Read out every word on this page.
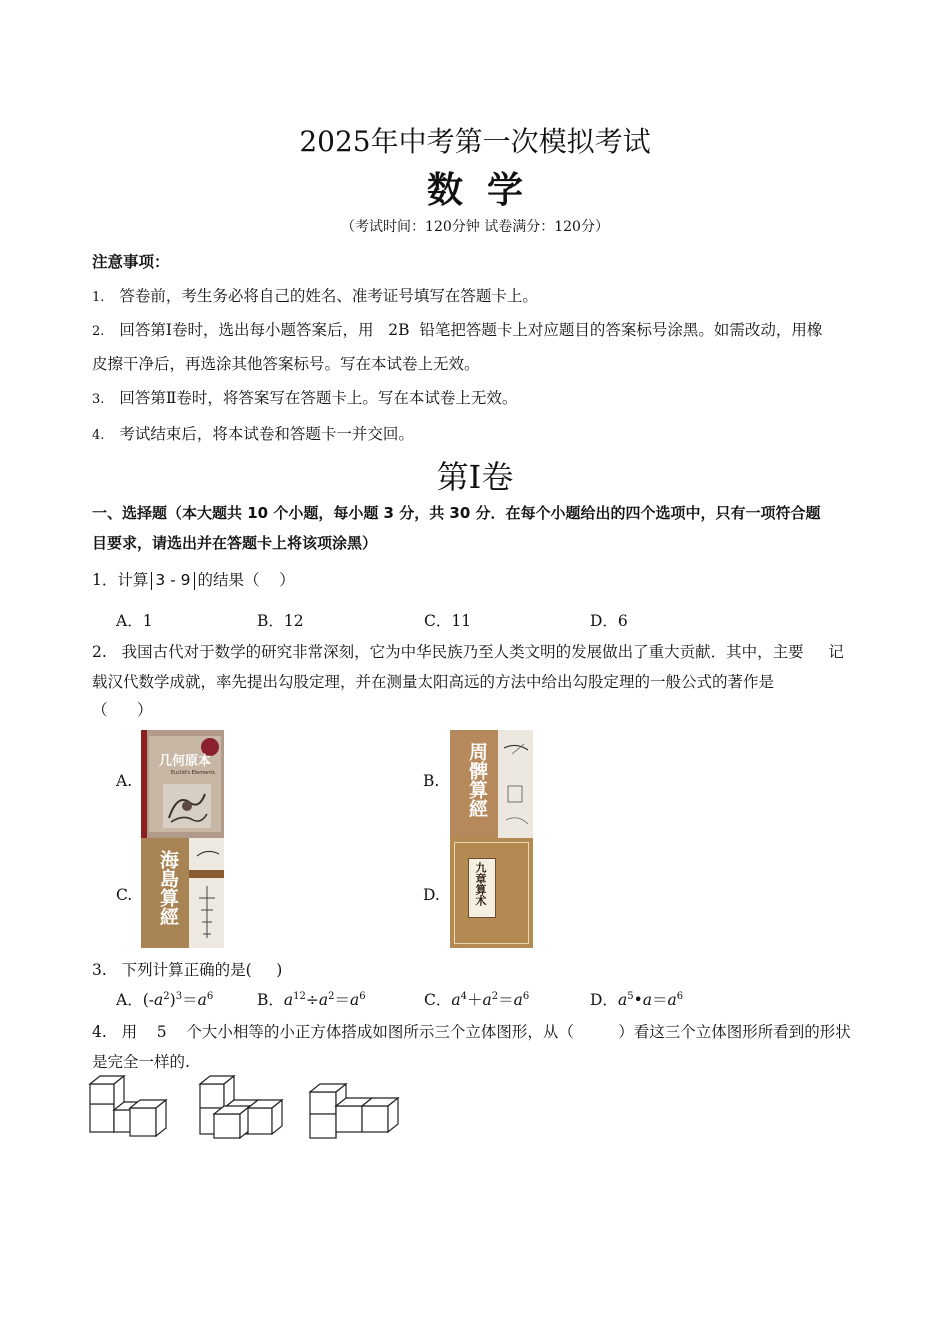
2025年中考第一次模拟考试
数学
（考试时间：120分钟 试卷满分：120分）
注意事项：
1. 答卷前，考生务必将自己的姓名、准考证号填写在答题卡上。
2. 回答第Ⅰ卷时，选出每小题答案后，用   2B  铅笔把答题卡上对应题目的答案标号涂黑。如需改动，用橡
皮擦干净后，再选涂其他答案标号。写在本试卷上无效。
3. 回答第Ⅱ卷时，将答案写在答题卡上。写在本试卷上无效。
4. 考试结束后，将本试卷和答题卡一并交回。
第Ⅰ卷
一、选择题（本大题共 10 个小题，每小题 3 分，共 30 分．在每个小题给出的四个选项中，只有一项符合题
目要求，请选出并在答题卡上将该项涂黑）
1．计算 3 - 9 的结果（    ）
A．1	B．12	C．11	D．6
2.   我国古代对于数学的研究非常深刻，它为中华民族乃至人类文明的发展做出了重大贡献．其中，主要     记
载汉代数学成就，率先提出勾股定理，并在测量太阳高远的方法中给出勾股定理的一般公式的著作是
（      ）
A.	B.
C.	D.
几何原本
Euclid's Elements	周髀算經
海島算經	九章算术
3.   下列计算正确的是(     )
A．$(-a^2)^3=a^6$	B．$a^{12}\div a^2=a^6$	C．$a^4+a^2=a^6$	D．$a^5•a=a^6$
4.   用    5    个大小相等的小正方体搭成如图所示三个立体图形，从（         ）看这三个立体图形所看到的形状
是完全一样的.
